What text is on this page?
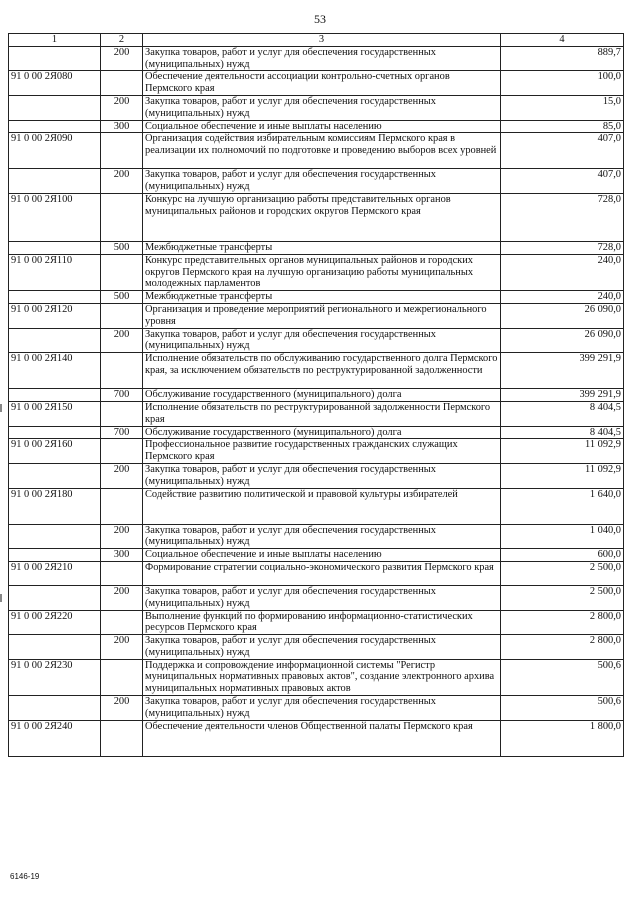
53
1	2	3	4
	200	Закупка товаров, работ и услуг для обеспечения государственных (муниципальных) нужд	889,7
91 0 00 2Я080		Обеспечение деятельности ассоциации контрольно-счетных органов Пермского края	100,0
	200	Закупка товаров, работ и услуг для обеспечения государственных (муниципальных) нужд	15,0
	300	Социальное обеспечение и иные выплаты населению	85,0
91 0 00 2Я090		Организация содействия избирательным комиссиям Пермского края в реализации их полномочий по подготовке и проведению выборов всех уровней	407,0
	200	Закупка товаров, работ и услуг для обеспечения государственных (муниципальных) нужд	407,0
91 0 00 2Я100		Конкурс на лучшую организацию работы представительных органов муниципальных районов и городских округов Пермского края	728,0
	500	Межбюджетные трансферты	728,0
91 0 00 2Я110		Конкурс представительных органов муниципальных районов и городских округов Пермского края на лучшую организацию работы муниципальных молодежных парламентов	240,0
	500	Межбюджетные трансферты	240,0
91 0 00 2Я120		Организация и проведение мероприятий регионального и межрегионального уровня	26 090,0
	200	Закупка товаров, работ и услуг для обеспечения государственных (муниципальных) нужд	26 090,0
91 0 00 2Я140		Исполнение обязательств по обслуживанию государственного долга Пермского края, за исключением обязательств по реструктурированной задолженности	399 291,9
	700	Обслуживание государственного (муниципального) долга	399 291,9
91 0 00 2Я150		Исполнение обязательств по реструктурированной задолженности Пермского края	8 404,5
	700	Обслуживание государственного (муниципального) долга	8 404,5
91 0 00 2Я160		Профессиональное развитие государственных гражданских служащих Пермского края	11 092,9
	200	Закупка товаров, работ и услуг для обеспечения государственных (муниципальных) нужд	11 092,9
91 0 00 2Я180		Содействие развитию политической и правовой культуры избирателей	1 640,0
	200	Закупка товаров, работ и услуг для обеспечения государственных (муниципальных) нужд	1 040,0
	300	Социальное обеспечение и иные выплаты населению	600,0
91 0 00 2Я210		Формирование стратегии социально-экономического развития Пермского края	2 500,0
	200	Закупка товаров, работ и услуг для обеспечения государственных (муниципальных) нужд	2 500,0
91 0 00 2Я220		Выполнение функций по формированию информационно-статистических ресурсов Пермского края	2 800,0
	200	Закупка товаров, работ и услуг для обеспечения государственных (муниципальных) нужд	2 800,0
91 0 00 2Я230		Поддержка и сопровождение информационной системы "Регистр муниципальных нормативных правовых актов", создание электронного архива муниципальных нормативных правовых актов	500,6
	200	Закупка товаров, работ и услуг для обеспечения государственных (муниципальных) нужд	500,6
91 0 00 2Я240		Обеспечение деятельности членов Общественной палаты Пермского края	1 800,0
6146-19
